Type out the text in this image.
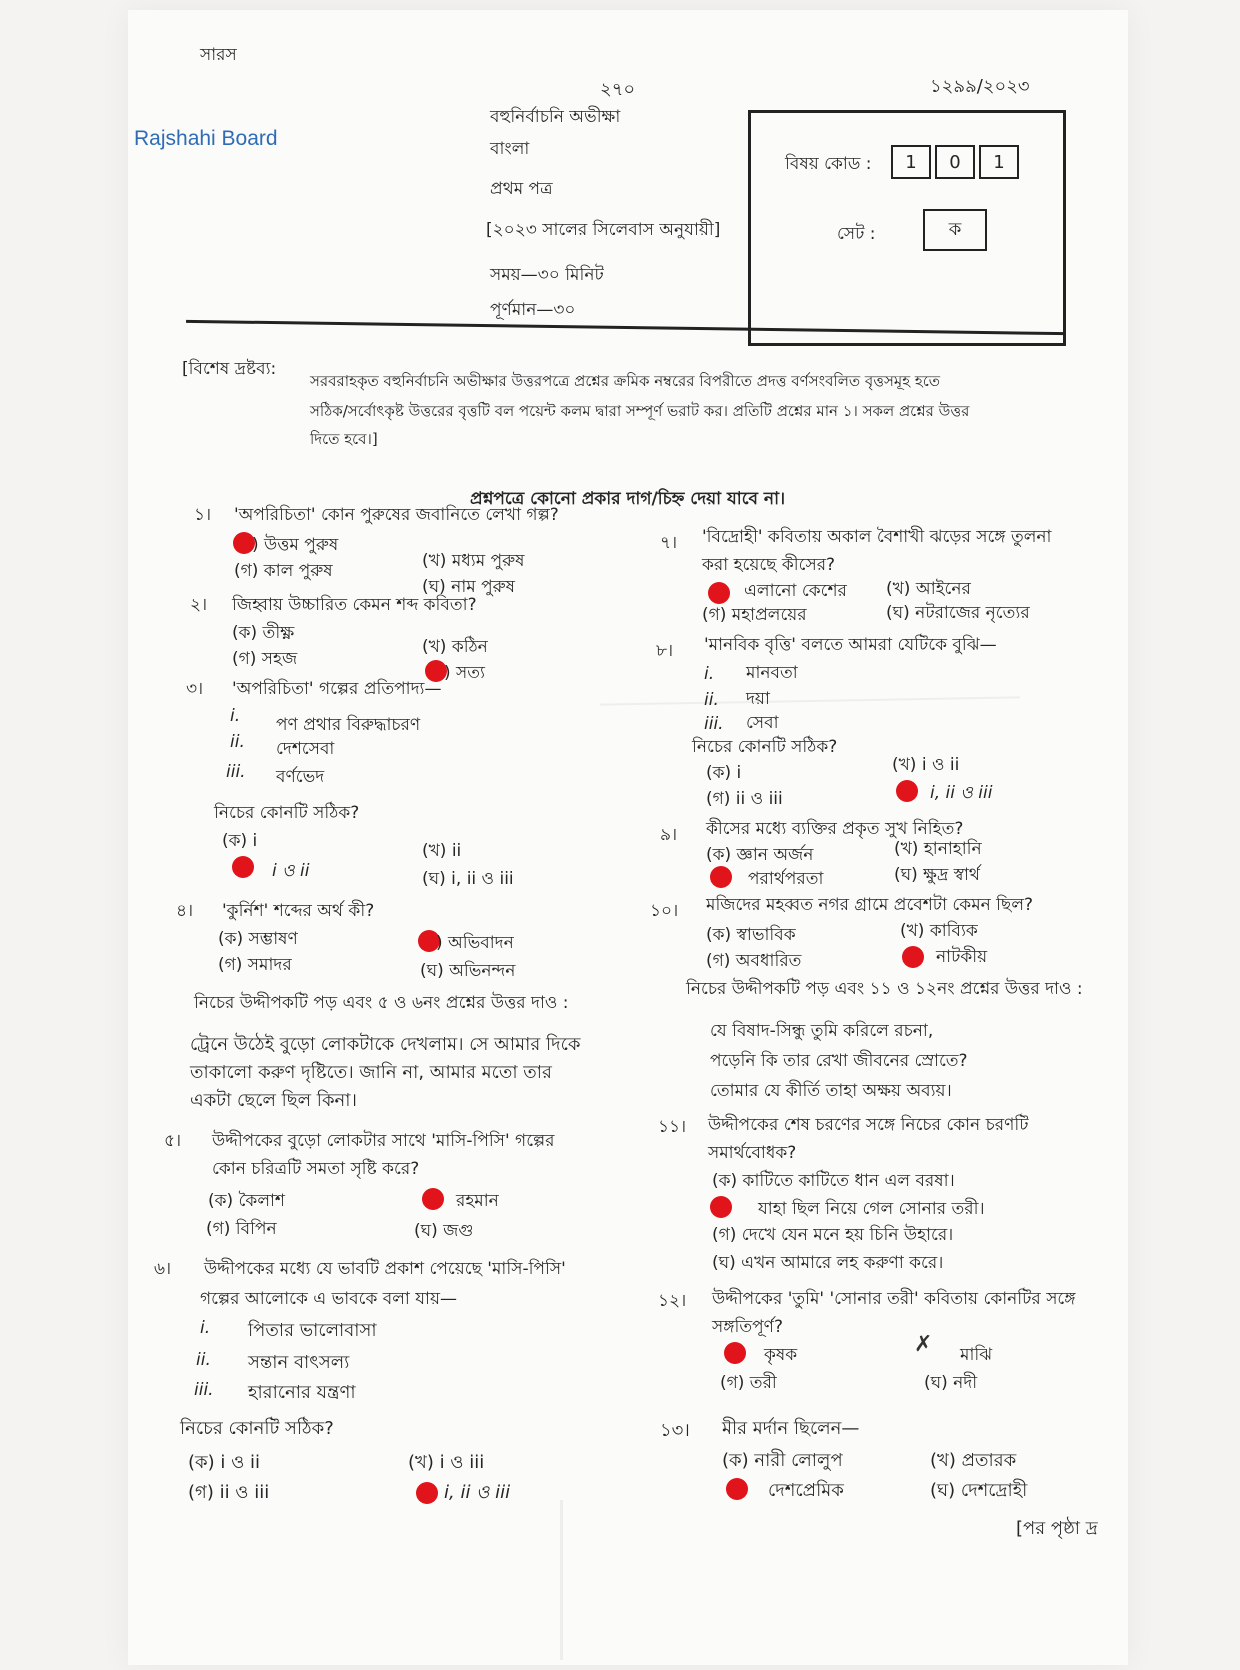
সারস
২৭০	১২৯৯/২০২৩
Rajshahi Board
বহুনির্বাচনি অভীক্ষা
বাংলা
প্রথম পত্র
[২০২৩ সালের সিলেবাস অনুযায়ী]
সময়—৩০ মিনিট
পূর্ণমান—৩০
বিষয় কোড :	1	0	1
সেট :	ক
[বিশেষ দ্রষ্টব্য:
সরবরাহকৃত বহুনির্বাচনি অভীক্ষার উত্তরপত্রে প্রশ্নের ক্রমিক নম্বরের বিপরীতে প্রদত্ত বর্ণসংবলিত বৃত্তসমূহ হতে
সঠিক/সর্বোৎকৃষ্ট উত্তরের বৃত্তটি বল পয়েন্ট কলম দ্বারা সম্পূর্ণ ভরাট কর। প্রতিটি প্রশ্নের মান ১। সকল প্রশ্নের উত্তর
দিতে হবে।]
প্রশ্নপত্রে কোনো প্রকার দাগ/চিহ্ন দেয়া যাবে না।
১। 'অপরিচিতা' কোন পুরুষের জবানিতে লেখা গল্প?
) উত্তম পুরুষ
(খ) মধ্যম পুরুষ
(গ) কাল পুরুষ
(ঘ) নাম পুরুষ
২। জিহ্বায় উচ্চারিত কেমন শব্দ কবিতা?
(ক) তীক্ষ্ণ
(খ) কঠিন
(গ) সহজ
) সত্য
৩। 'অপরিচিতা' গল্পের প্রতিপাদ্য—
i. পণ প্রথার বিরুদ্ধাচরণ
ii. দেশসেবা
iii. বর্ণভেদ
নিচের কোনটি সঠিক?
(ক) i	(খ) ii
i ও ii	(ঘ) i, ii ও iii
৪। 'কুর্নিশ' শব্দের অর্থ কী?
(ক) সম্ভাষণ	) অভিবাদন
(গ) সমাদর	(ঘ) অভিনন্দন
নিচের উদ্দীপকটি পড় এবং ৫ ও ৬নং প্রশ্নের উত্তর দাও :
ট্রেনে উঠেই বুড়ো লোকটাকে দেখলাম। সে আমার দিকে
তাকালো করুণ দৃষ্টিতে। জানি না, আমার মতো তার
একটা ছেলে ছিল কিনা।
৫। উদ্দীপকের বুড়ো লোকটার সাথে 'মাসি-পিসি' গল্পের
কোন চরিত্রটি সমতা সৃষ্টি করে?
(ক) কৈলাশ	রহমান
(গ) বিপিন	(ঘ) জগু
৬। উদ্দীপকের মধ্যে যে ভাবটি প্রকাশ পেয়েছে 'মাসি-পিসি'
গল্পের আলোকে এ ভাবকে বলা যায়—
i. পিতার ভালোবাসা
ii. সন্তান বাৎসল্য
iii. হারানোর যন্ত্রণা
নিচের কোনটি সঠিক?
(ক) i ও ii	(খ) i ও iii
(গ) ii ও iii	i, ii ও iii
৭। 'বিদ্রোহী' কবিতায় অকাল বৈশাখী ঝড়ের সঙ্গে তুলনা
করা হয়েছে কীসের?
এলানো কেশের (খ) আইনের
(গ) মহাপ্রলয়ের	(ঘ) নটরাজের নৃত্যের
৮। 'মানবিক বৃত্তি' বলতে আমরা যেটিকে বুঝি—
i. মানবতা
ii. দয়া
iii. সেবা
নিচের কোনটি সঠিক?
(ক) i	(খ) i ও ii
(গ) ii ও iii	i, ii ও iii
৯। কীসের মধ্যে ব্যক্তির প্রকৃত সুখ নিহিত?
(ক) জ্ঞান অর্জন	(খ) হানাহানি
পরার্থপরতা	(ঘ) ক্ষুদ্র স্বার্থ
১০। মজিদের মহব্বত নগর গ্রামে প্রবেশটা কেমন ছিল?
(ক) স্বাভাবিক	(খ) কাব্যিক
(গ) অবধারিত	নাটকীয়
নিচের উদ্দীপকটি পড় এবং ১১ ও ১২নং প্রশ্নের উত্তর দাও :
যে বিষাদ-সিন্ধু তুমি করিলে রচনা,
পড়েনি কি তার রেখা জীবনের স্রোতে?
তোমার যে কীর্তি তাহা অক্ষয় অব্যয়।
১১। উদ্দীপকের শেষ চরণের সঙ্গে নিচের কোন চরণটি
সমার্থবোধক?
(ক) কাটিতে কাটিতে ধান এল বরষা।
যাহা ছিল নিয়ে গেল সোনার তরী।
(গ) দেখে যেন মনে হয় চিনি উহারে।
(ঘ) এখন আমারে লহ করুণা করে।
১২। উদ্দীপকের 'তুমি' 'সোনার তরী' কবিতায় কোনটির সঙ্গে
সঙ্গতিপূর্ণ?
কৃষক	✗ মাঝি
(গ) তরী	(ঘ) নদী
১৩। মীর মর্দান ছিলেন—
(ক) নারী লোলুপ	(খ) প্রতারক
দেশপ্রেমিক	(ঘ) দেশদ্রোহী
[পর পৃষ্ঠা দ্র
